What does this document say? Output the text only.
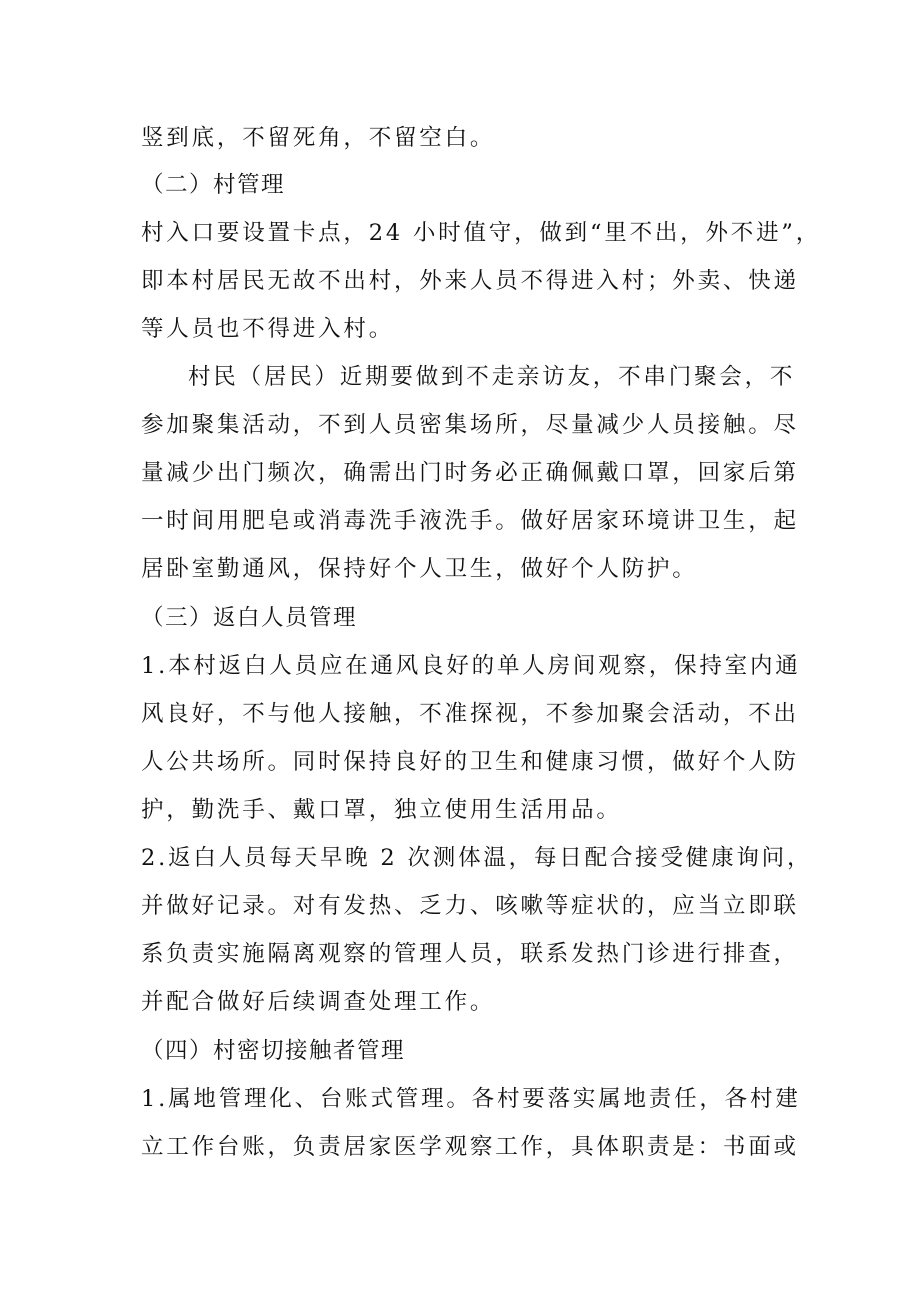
竖到底，不留死角，不留空白。
（二）村管理
村入口要设置卡点，24 小时值守，做到“里不出，外不进”，
即本村居民无故不出村，外来人员不得进入村；外卖、快递
等人员也不得进入村。
村民（居民）近期要做到不走亲访友，不串门聚会，不
参加聚集活动，不到人员密集场所，尽量减少人员接触。尽
量减少出门频次，确需出门时务必正确佩戴口罩，回家后第
一时间用肥皂或消毒洗手液洗手。做好居家环境讲卫生，起
居卧室勤通风，保持好个人卫生，做好个人防护。
（三）返白人员管理
1.本村返白人员应在通风良好的单人房间观察，保持室内通
风良好，不与他人接触，不准探视，不参加聚会活动，不出
人公共场所。同时保持良好的卫生和健康习惯，做好个人防
护，勤洗手、戴口罩，独立使用生活用品。
2.返白人员每天早晚 2 次测体温，每日配合接受健康询问，
并做好记录。对有发热、乏力、咳嗽等症状的，应当立即联
系负责实施隔离观察的管理人员，联系发热门诊进行排查，
并配合做好后续调查处理工作。
（四）村密切接触者管理
1.属地管理化、台账式管理。各村要落实属地责任，各村建
立工作台账，负责居家医学观察工作，具体职责是：书面或
